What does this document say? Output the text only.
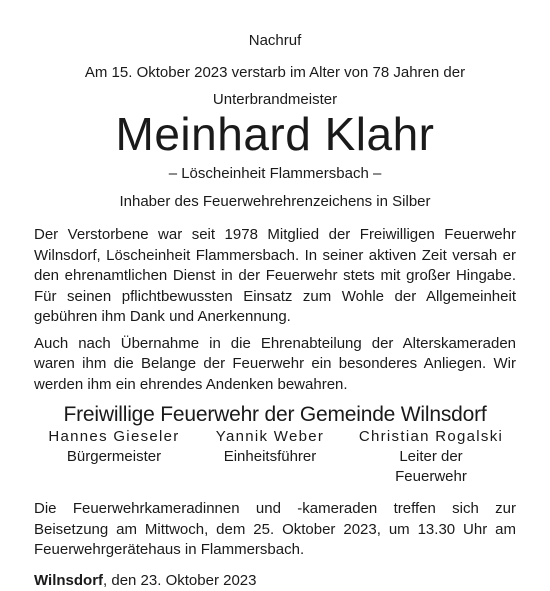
Nachruf

Am 15. Oktober 2023 verstarb im Alter von 78 Jahren der

Unterbrandmeister

Meinhard Klahr

– Löscheinheit Flammersbach –

Inhaber des Feuerwehrehrenzeichens in Silber

Der Verstorbene war seit 1978 Mitglied der Freiwilligen Feuerwehr Wilnsdorf, Löscheinheit Flammersbach. In seiner aktiven Zeit versah er den ehrenamtlichen Dienst in der Feuerwehr stets mit großer Hingabe. Für seinen pflichtbewussten Einsatz zum Wohle der Allgemeinheit gebühren ihm Dank und Anerkennung.

Auch nach Übernahme in die Ehrenabteilung der Alterskameraden waren ihm die Belange der Feuerwehr ein besonderes Anliegen. Wir werden ihm ein ehrendes Andenken bewahren.

Freiwillige Feuerwehr der Gemeinde Wilnsdorf
Hannes Gieseler
Bürgermeister
Yannik Weber
Einheitsführer
Christian Rogalski
Leiter der
Feuerwehr

Die Feuerwehrkameradinnen und -kameraden treffen sich zur Beisetzung am Mittwoch, dem 25. Oktober 2023, um 13.30 Uhr am Feuerwehrgerätehaus in Flammersbach.

Wilnsdorf, den 23. Oktober 2023
